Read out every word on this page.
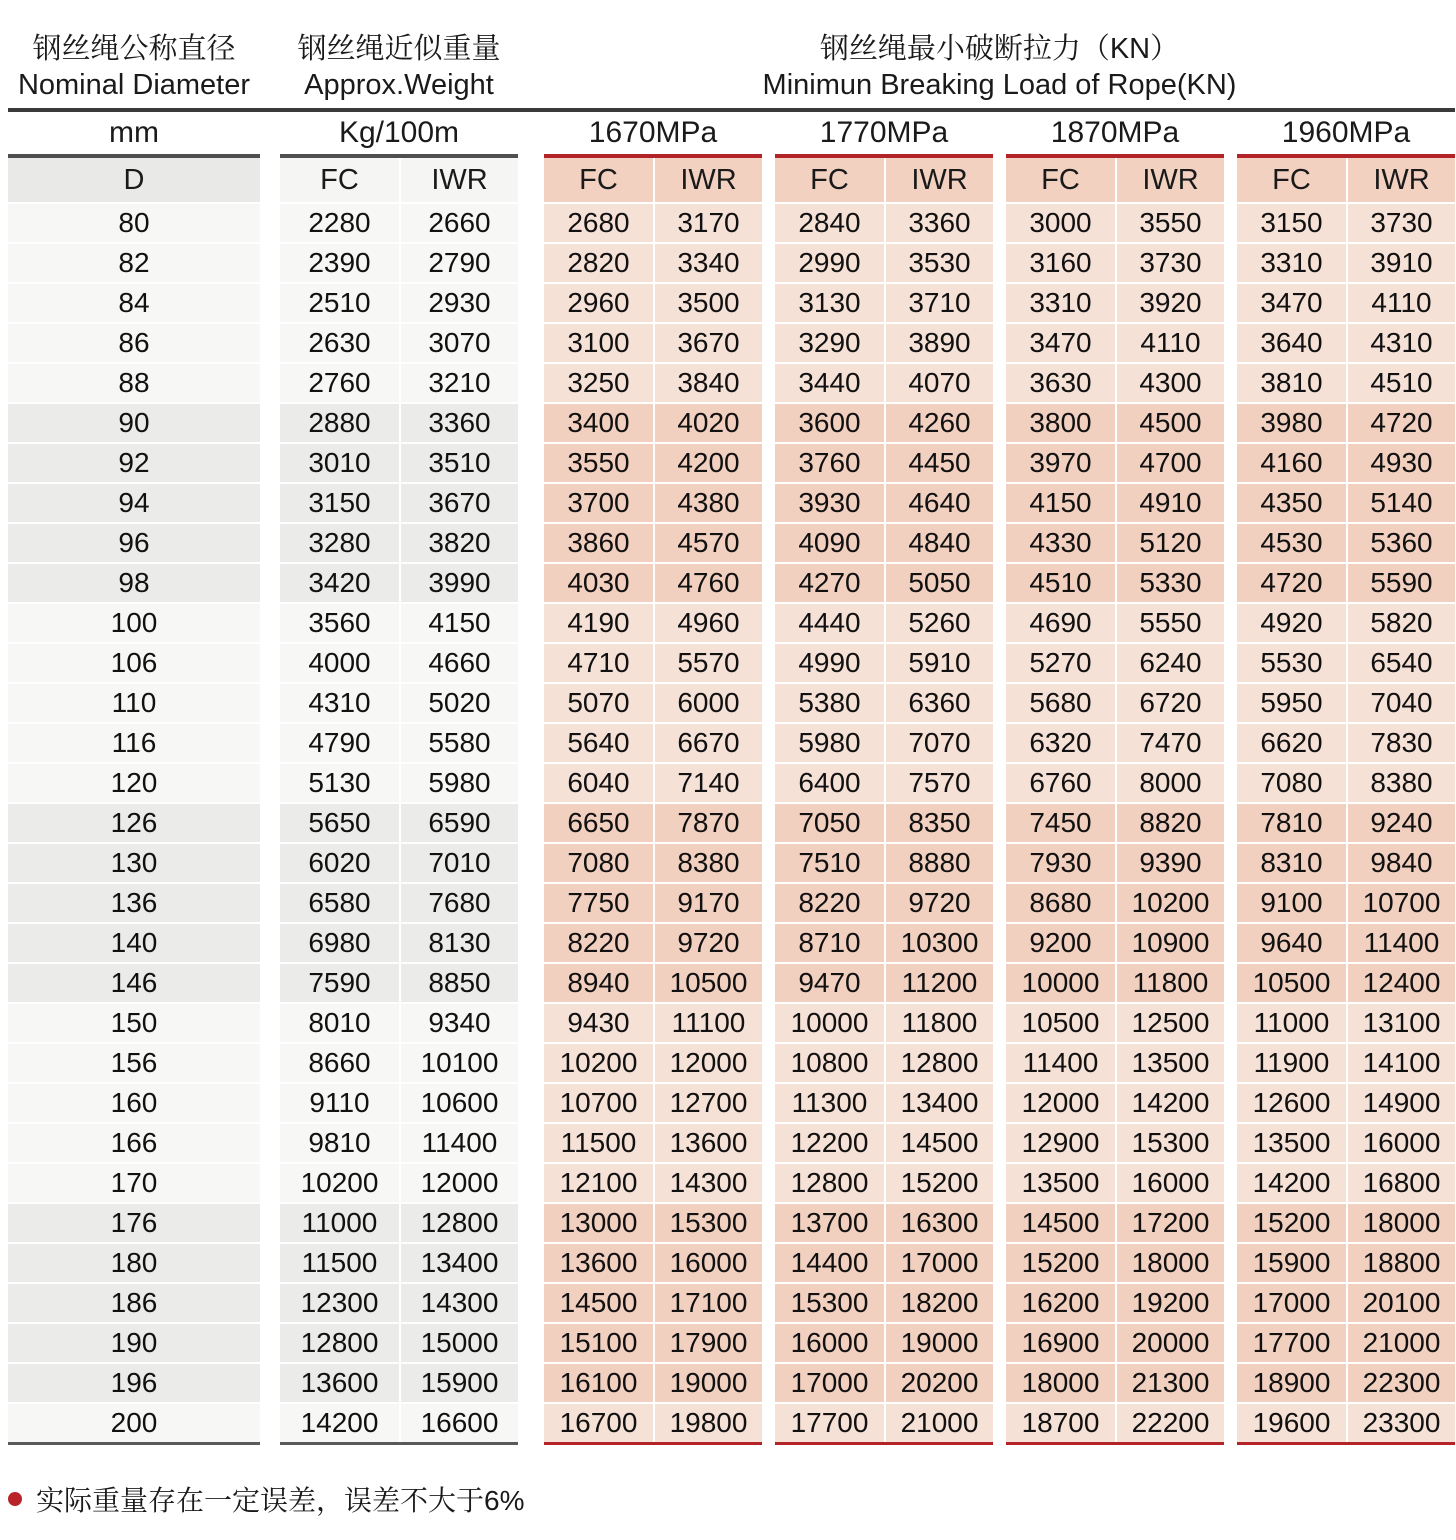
钢丝绳公称直径
Nominal Diameter
钢丝绳近似重量
Approx.Weight
钢丝绳最小破断拉力（KN）
Minimun Breaking Load of Rope(KN)
mm	Kg/100m	1670MPa	1770MPa	1870MPa	1960MPa
D	FC	IWR	FC	IWR	FC	IWR	FC	IWR	FC	IWR
80	2280	2660	2680	3170	2840	3360	3000	3550	3150	3730
82	2390	2790	2820	3340	2990	3530	3160	3730	3310	3910
84	2510	2930	2960	3500	3130	3710	3310	3920	3470	4110
86	2630	3070	3100	3670	3290	3890	3470	4110	3640	4310
88	2760	3210	3250	3840	3440	4070	3630	4300	3810	4510
90	2880	3360	3400	4020	3600	4260	3800	4500	3980	4720
92	3010	3510	3550	4200	3760	4450	3970	4700	4160	4930
94	3150	3670	3700	4380	3930	4640	4150	4910	4350	5140
96	3280	3820	3860	4570	4090	4840	4330	5120	4530	5360
98	3420	3990	4030	4760	4270	5050	4510	5330	4720	5590
100	3560	4150	4190	4960	4440	5260	4690	5550	4920	5820
106	4000	4660	4710	5570	4990	5910	5270	6240	5530	6540
110	4310	5020	5070	6000	5380	6360	5680	6720	5950	7040
116	4790	5580	5640	6670	5980	7070	6320	7470	6620	7830
120	5130	5980	6040	7140	6400	7570	6760	8000	7080	8380
126	5650	6590	6650	7870	7050	8350	7450	8820	7810	9240
130	6020	7010	7080	8380	7510	8880	7930	9390	8310	9840
136	6580	7680	7750	9170	8220	9720	8680	10200	9100	10700
140	6980	8130	8220	9720	8710	10300	9200	10900	9640	11400
146	7590	8850	8940	10500	9470	11200	10000	11800	10500	12400
150	8010	9340	9430	11100	10000	11800	10500	12500	11000	13100
156	8660	10100	10200	12000	10800	12800	11400	13500	11900	14100
160	9110	10600	10700	12700	11300	13400	12000	14200	12600	14900
166	9810	11400	11500	13600	12200	14500	12900	15300	13500	16000
170	10200	12000	12100	14300	12800	15200	13500	16000	14200	16800
176	11000	12800	13000	15300	13700	16300	14500	17200	15200	18000
180	11500	13400	13600	16000	14400	17000	15200	18000	15900	18800
186	12300	14300	14500	17100	15300	18200	16200	19200	17000	20100
190	12800	15000	15100	17900	16000	19000	16900	20000	17700	21000
196	13600	15900	16100	19000	17000	20200	18000	21300	18900	22300
200	14200	16600	16700	19800	17700	21000	18700	22200	19600	23300
实际重量存在一定误差，误差不大于6%
